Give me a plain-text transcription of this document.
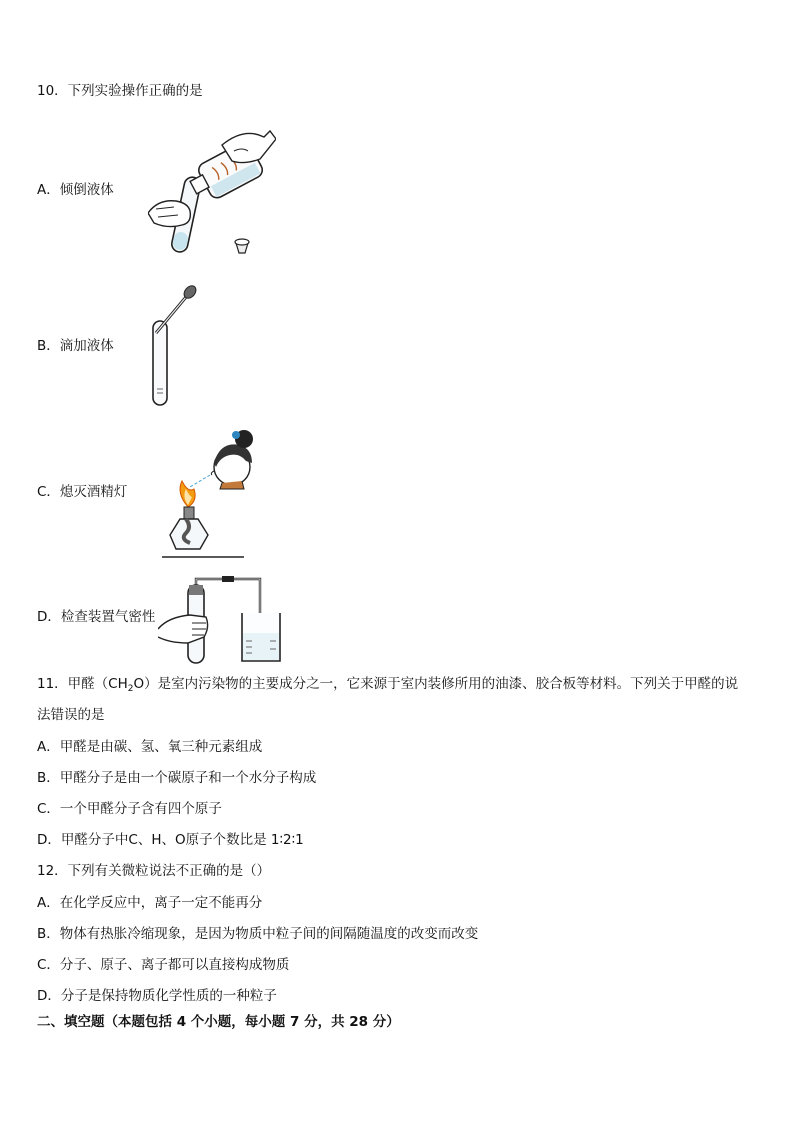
10．下列实验操作正确的是
A．倾倒液体
B．滴加液体
C．熄灭酒精灯
D．检查装置气密性
11．甲醛$(CH_2O)$是室内污染物的主要成分之一，它来源于室内装修所用的油漆、胶合板等材料。下列关于甲醛的说
法错误的是
A．甲醛是由碳、氢、氧三种元素组成
B．甲醛分子是由一个碳原子和一个水分子构成
C．一个甲醛分子含有四个原子
D．甲醛分子中C、H、O原子个数比是 1∶2∶1
12．下列有关微粒说法不正确的是（）
A．在化学反应中，离子一定不能再分
B．物体有热胀冷缩现象，是因为物质中粒子间的间隔随温度的改变而改变
C．分子、原子、离子都可以直接构成物质
D．分子是保持物质化学性质的一种粒子
二、填空题（本题包括 4 个小题，每小题 7 分，共 28 分）
